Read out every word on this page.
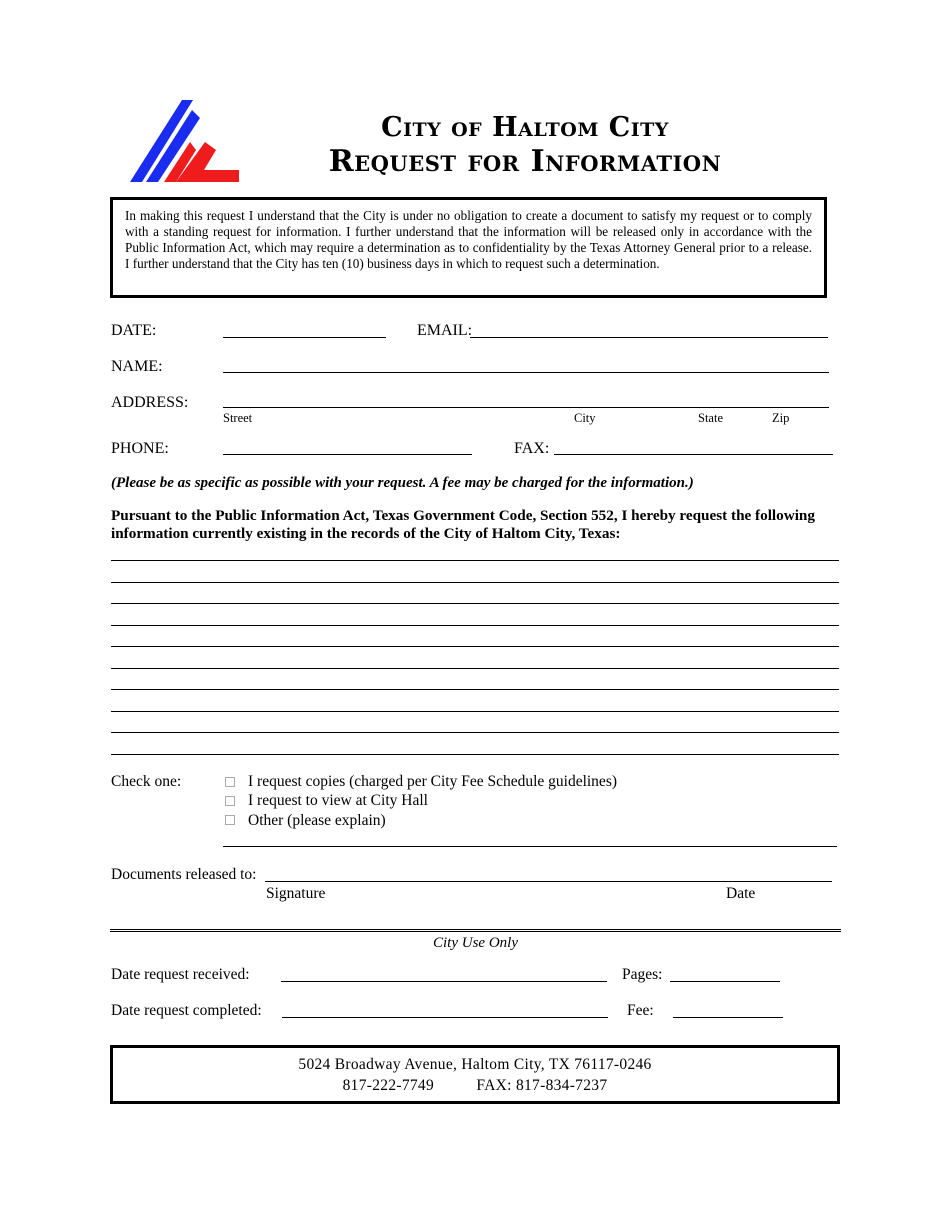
City of Haltom City
Request for Information
In making this request I understand that the City is under no obligation to create a document to satisfy my request or to comply with a standing request for information. I further understand that the information will be released only in accordance with the Public Information Act, which may require a determination as to confidentiality by the Texas Attorney General prior to a release. I further understand that the City has ten (10) business days in which to request such a determination.
DATE:	EMAIL:
NAME:
ADDRESS:
Street	City	State	Zip
PHONE:	FAX:
(Please be as specific as possible with your request. A fee may be charged for the information.)
Pursuant to the Public Information Act, Texas Government Code, Section 552, I hereby request the following information currently existing in the records of the City of Haltom City, Texas:
Check one:	I request copies (charged per City Fee Schedule guidelines)
I request to view at City Hall
Other (please explain)
Documents released to:
Signature	Date
City Use Only
Date request received:	Pages:
Date request completed:	Fee:
5024 Broadway Avenue, Haltom City, TX 76117-0246
817-222-7749	FAX: 817-834-7237
